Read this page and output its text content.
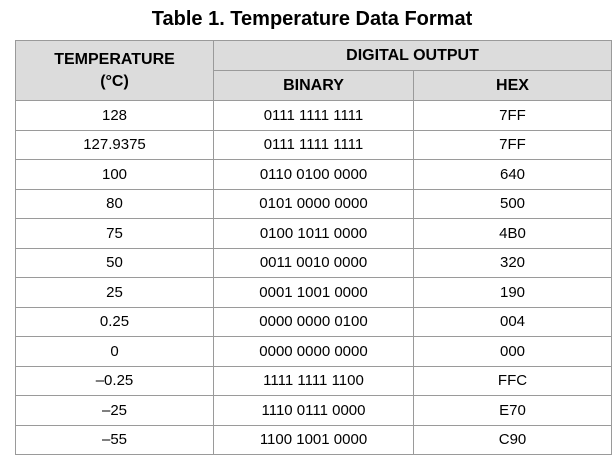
Table 1. Temperature Data Format
TEMPERATURE
(°C)	DIGITAL OUTPUT	
	BINARY	HEX
128	0111 1111 1111	7FF
127.9375	0111 1111 1111	7FF
100	0110 0100 0000	640
80	0101 0000 0000	500
75	0100 1011 0000	4B0
50	0011 0010 0000	320
25	0001 1001 0000	190
0.25	0000 0000 0100	004
0	0000 0000 0000	000
–0.25	1111 1111 1100	FFC
–25	1110 0111 0000	E70
–55	1100 1001 0000	C90
